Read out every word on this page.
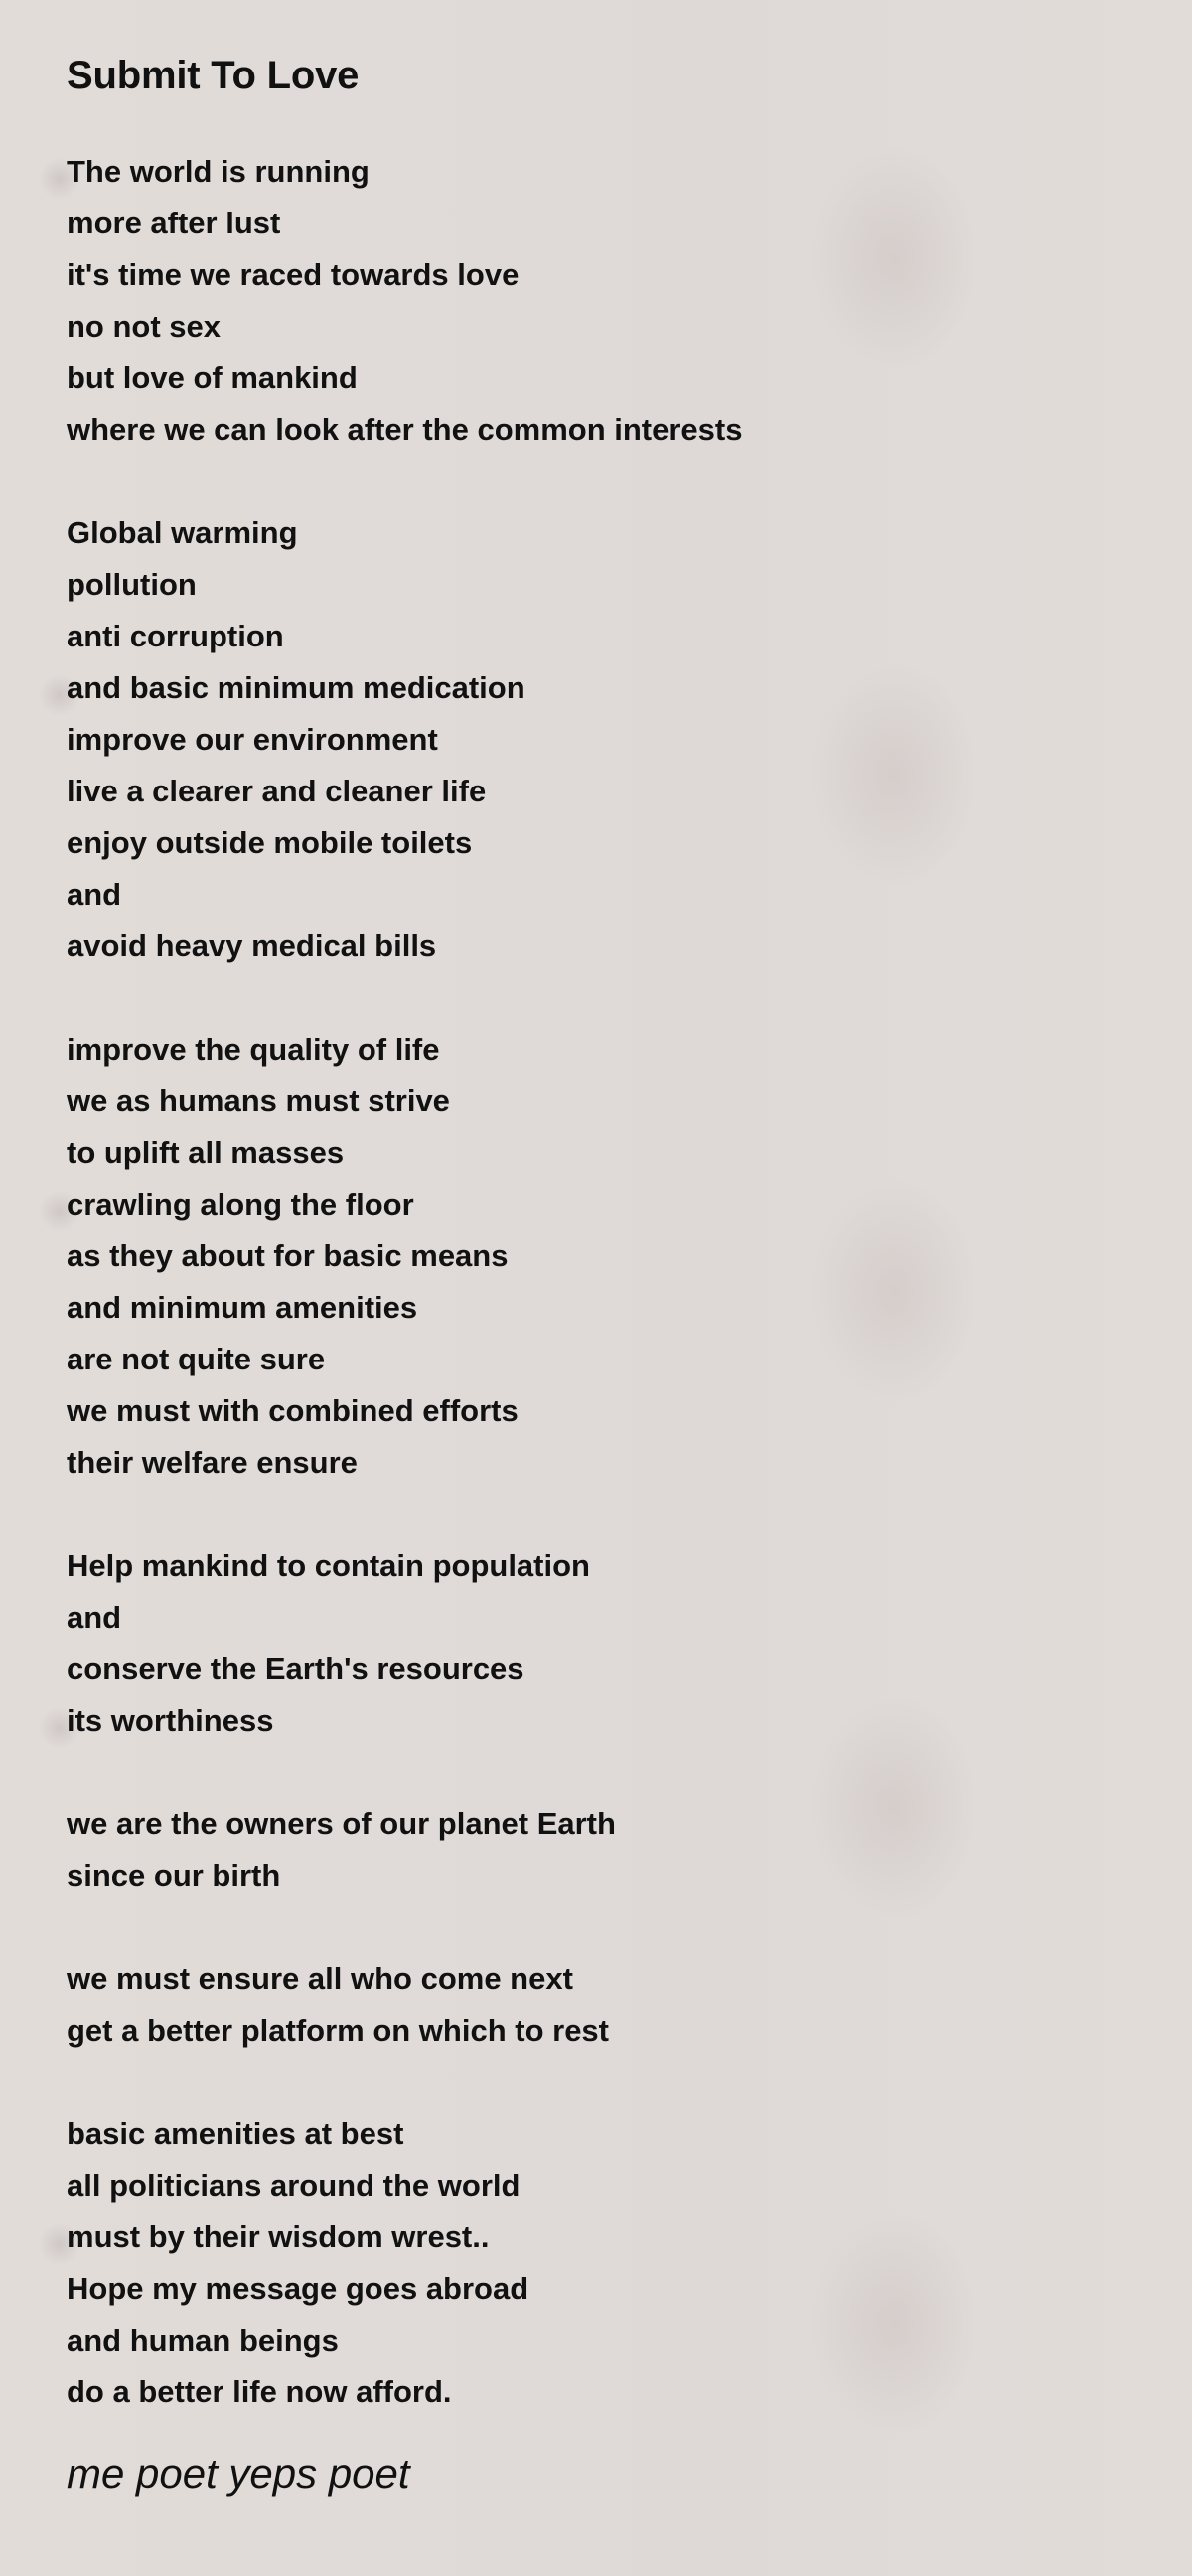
Submit To Love
The world is running
more after lust
it's time we raced towards love
no not sex
but love of mankind
where we can look after the common interests
Global warming
pollution
anti corruption
and basic minimum medication
improve our environment
live a clearer and cleaner life
enjoy outside mobile toilets
and
avoid heavy medical bills
improve the quality of life
we as humans must strive
to uplift all masses
crawling along the floor
as they about for basic means
and minimum amenities
are not quite sure
we must with combined efforts
their welfare ensure
Help mankind to contain population
and
conserve the Earth's resources
its worthiness
we are the owners of our planet Earth
since our birth
we must ensure all who come next
get a better platform on which to rest
basic amenities at best
all politicians around the world
must by their wisdom wrest..
Hope my message goes abroad
and human beings
do a better life now afford.
me poet yeps poet
